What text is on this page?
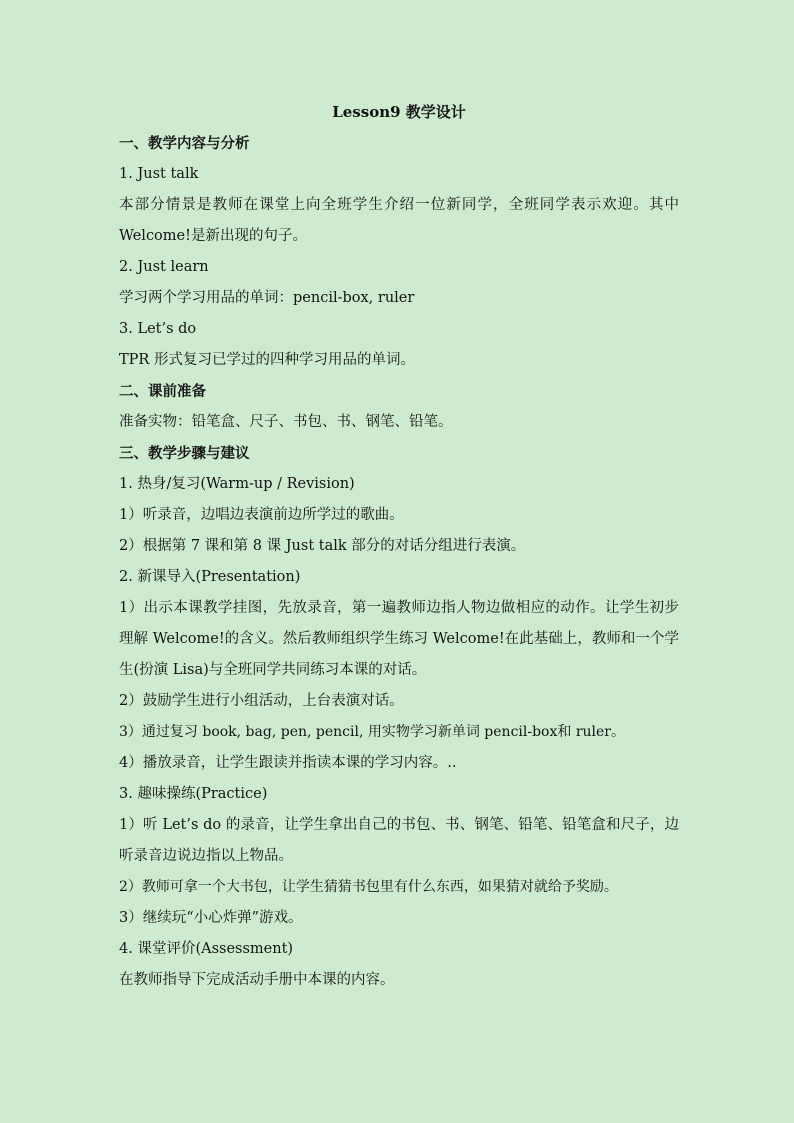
Lesson9 教学设计
一、教学内容与分析
1. Just talk
本部分情景是教师在课堂上向全班学生介绍一位新同学，全班同学表示欢迎。其中 Welcome!是新出现的句子。
2. Just learn
学习两个学习用品的单词：pencil-box, ruler
3. Let’s do
TPR 形式复习已学过的四种学习用品的单词。
二、课前准备
准备实物：铅笔盒、尺子、书包、书、钢笔、铅笔。
三、教学步骤与建议
1. 热身/复习(Warm-up / Revision)
1）听录音，边唱边表演前边所学过的歌曲。
2）根据第 7 课和第 8 课 Just talk 部分的对话分组进行表演。
2. 新课导入(Presentation)
1）出示本课教学挂图，先放录音，第一遍教师边指人物边做相应的动作。让学生初步理解 Welcome!的含义。然后教师组织学生练习 Welcome!在此基础上，教师和一个学生(扮演 Lisa)与全班同学共同练习本课的对话。
2）鼓励学生进行小组活动，上台表演对话。
3）通过复习 book, bag, pen, pencil, 用实物学习新单词 pencil-box和 ruler。
4）播放录音，让学生跟读并指读本课的学习内容。..
3. 趣味操练(Practice)
1）听 Let’s do 的录音，让学生拿出自己的书包、书、钢笔、铅笔、铅笔盒和尺子，边听录音边说边指以上物品。
2）教师可拿一个大书包，让学生猜猜书包里有什么东西，如果猜对就给予奖励。
3）继续玩“小心炸弹”游戏。
4. 课堂评价(Assessment)
在教师指导下完成活动手册中本课的内容。
